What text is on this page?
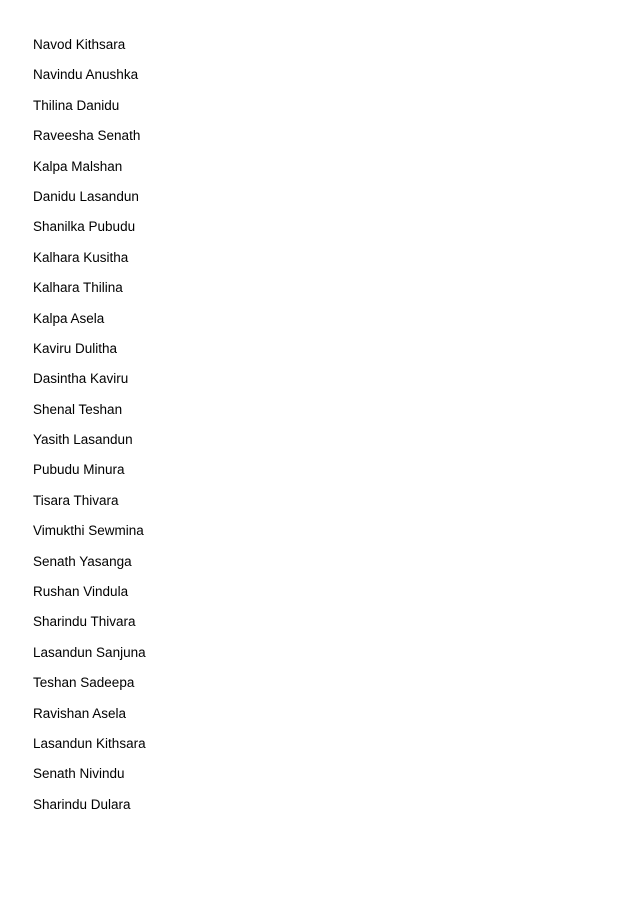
Navod Kithsara
Navindu Anushka
Thilina Danidu
Raveesha Senath
Kalpa Malshan
Danidu Lasandun
Shanilka Pubudu
Kalhara Kusitha
Kalhara Thilina
Kalpa Asela
Kaviru Dulitha
Dasintha Kaviru
Shenal Teshan
Yasith Lasandun
Pubudu Minura
Tisara Thivara
Vimukthi Sewmina
Senath Yasanga
Rushan Vindula
Sharindu Thivara
Lasandun Sanjuna
Teshan Sadeepa
Ravishan Asela
Lasandun Kithsara
Senath Nivindu
Sharindu Dulara
